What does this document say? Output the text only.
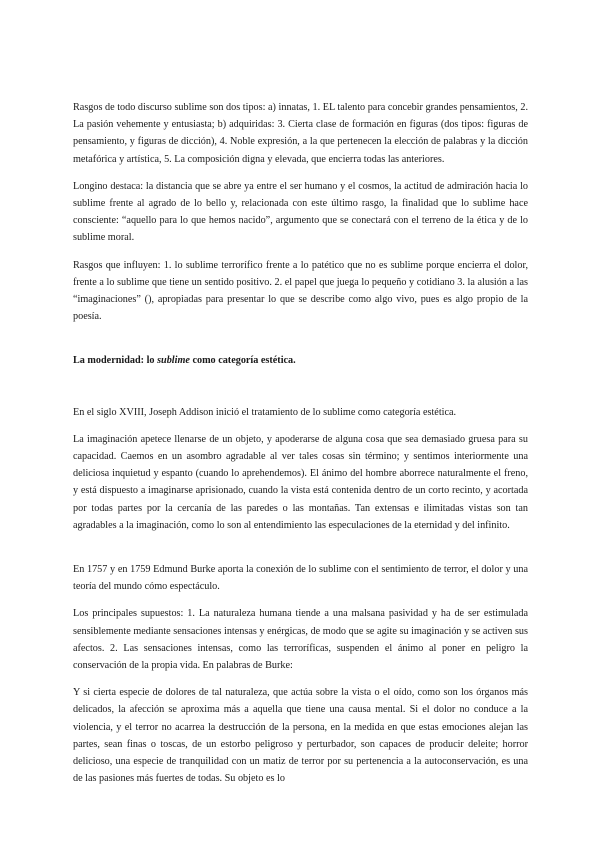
Rasgos de todo discurso sublime son dos tipos: a) innatas, 1. EL talento para concebir grandes pensamientos, 2. La pasión vehemente y entusiasta; b) adquiridas: 3. Cierta clase de formación en figuras (dos tipos: figuras de pensamiento, y figuras de dicción), 4. Noble expresión, a la que pertenecen la elección de palabras y la dicción metafórica y artística, 5. La composición digna y elevada, que encierra todas las anteriores.

Longino destaca: la distancia que se abre ya entre el ser humano y el cosmos, la actitud de admiración hacia lo sublime frente al agrado de lo bello y, relacionada con este último rasgo, la finalidad que lo sublime hace consciente: “aquello para lo que hemos nacido”, argumento que se conectará con el terreno de la ética y de lo sublime moral.

Rasgos que influyen: 1. lo sublime terrorífico frente a lo patético que no es sublime porque encierra el dolor, frente a lo sublime que tiene un sentido positivo. 2. el papel que juega lo pequeño y cotidiano 3. la alusión a las “imaginaciones” (), apropiadas para presentar lo que se describe como algo vivo, pues es algo propio de la poesía.

La modernidad: lo sublime como categoría estética.

En el siglo XVIII, Joseph Addison inició el tratamiento de lo sublime como categoría estética.

La imaginación apetece llenarse de un objeto, y apoderarse de alguna cosa que sea demasiado gruesa para su capacidad. Caemos en un asombro agradable al ver tales cosas sin término; y sentimos interiormente una deliciosa inquietud y espanto (cuando lo aprehendemos). El ánimo del hombre aborrece naturalmente el freno, y está dispuesto a imaginarse aprisionado, cuando la vista está contenida dentro de un corto recinto, y acortada por todas partes por la cercanía de las paredes o las montañas. Tan extensas e ilimitadas vistas son tan agradables a la imaginación, como lo son al entendimiento las especulaciones de la eternidad y del infinito.

En 1757 y en 1759 Edmund Burke aporta la conexión de lo sublime con el sentimiento de terror, el dolor y una teoría del mundo cómo espectáculo.

Los principales supuestos: 1. La naturaleza humana tiende a una malsana pasividad y ha de ser estimulada sensiblemente mediante sensaciones intensas y enérgicas, de modo que se agite su imaginación y se activen sus afectos. 2. Las sensaciones intensas, como las terroríficas, suspenden el ánimo al poner en peligro la conservación de la propia vida. En palabras de Burke:

Y si cierta especie de dolores de tal naturaleza, que actúa sobre la vista o el oído, como son los órganos más delicados, la afección se aproxima más a aquella que tiene una causa mental. Si el dolor no conduce a la violencia, y el terror no acarrea la destrucción de la persona, en la medida en que estas emociones alejan las partes, sean finas o toscas, de un estorbo peligroso y perturbador, son capaces de producir deleite; horror delicioso, una especie de tranquilidad con un matiz de terror por su pertenencia a la autoconservación, es una de las pasiones más fuertes de todas. Su objeto es lo
